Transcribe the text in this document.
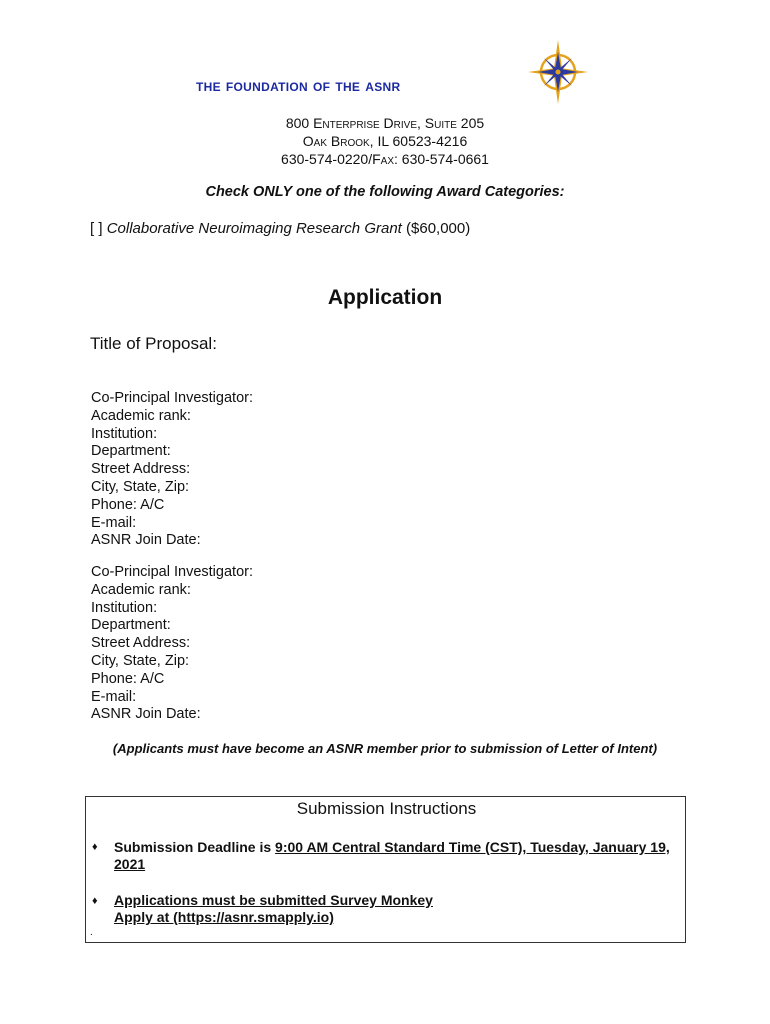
the foundation of the asnr
800 Enterprise Drive, Suite 205
Oak Brook, IL 60523-4216
630-574-0220/Fax: 630-574-0661
Check ONLY one of the following Award Categories:
[ ] Collaborative Neuroimaging Research Grant ($60,000)
Application
Title of Proposal:
Co-Principal Investigator:
Academic rank:
Institution:
Department:
Street Address:
City, State, Zip:
Phone: A/C
E-mail:
ASNR Join Date:
Co-Principal Investigator:
Academic rank:
Institution:
Department:
Street Address:
City, State, Zip:
Phone: A/C
E-mail:
ASNR Join Date:
(Applicants must have become an ASNR member prior to submission of Letter of Intent)
Submission Instructions
♦ Submission Deadline is 9:00 AM Central Standard Time (CST), Tuesday, January 19, 2021
♦ Applications must be submitted Survey Monkey
Apply at (https://asnr.smapply.io)
.
